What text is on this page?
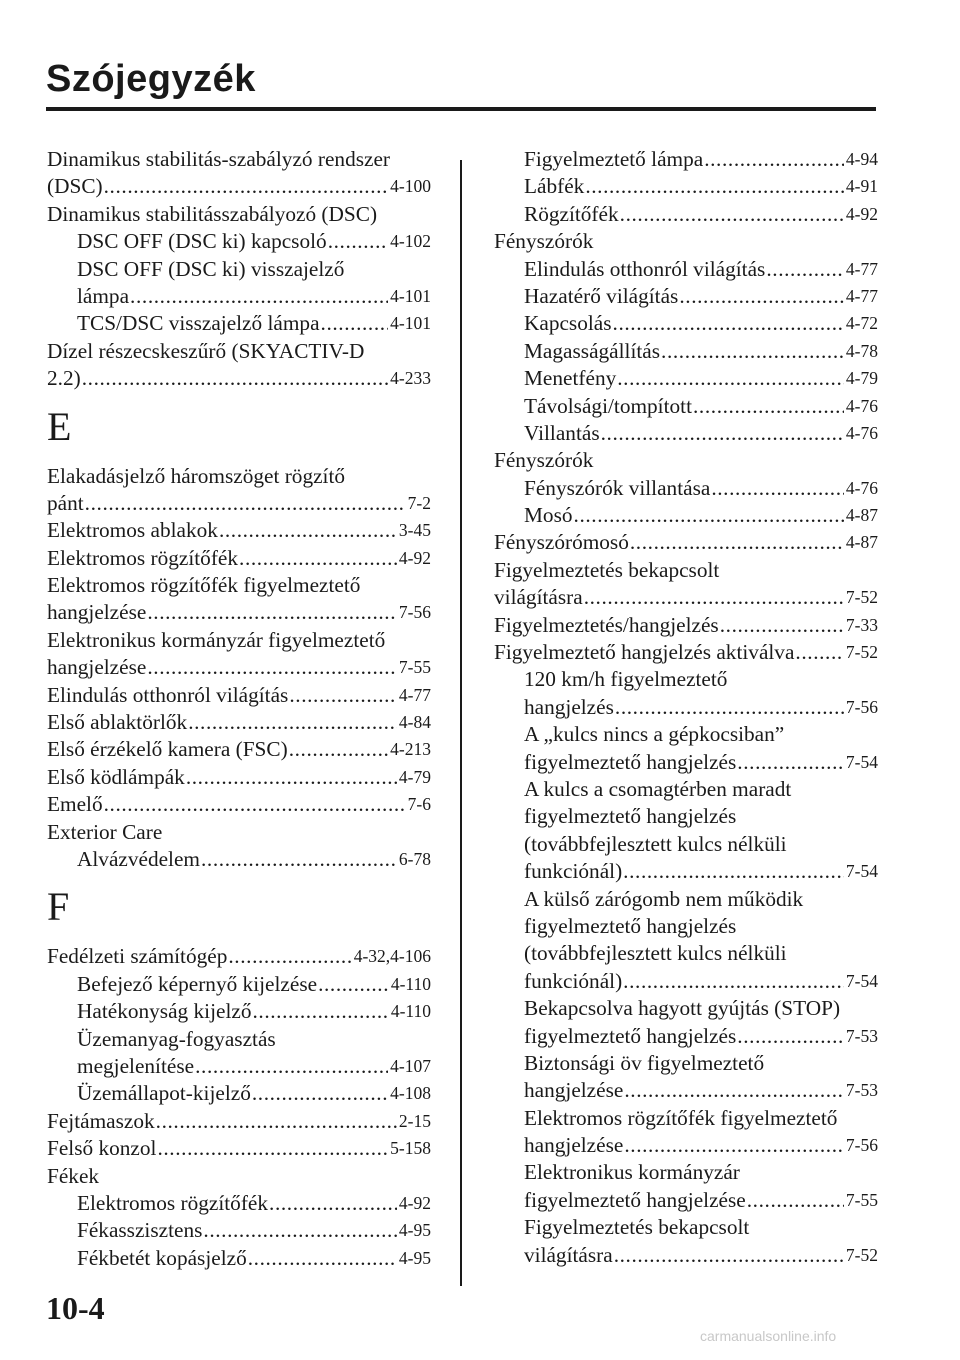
Szójegyzék
Dinamikus stabilitás-szabályzó rendszer
(DSC) .....	4-100
Dinamikus stabilitásszabályozó (DSC)
DSC OFF (DSC ki) kapcsoló .....	4-102
DSC OFF (DSC ki) visszajelző
lámpa .....	4-101
TCS/DSC visszajelző lámpa .....	4-101
Dízel részecskeszűrő (SKYACTIV-D
2.2) .....	4-233
E
Elakadásjelző háromszöget rögzítő
pánt .....	7-2
Elektromos ablakok .....	3-45
Elektromos rögzítőfék .....	4-92
Elektromos rögzítőfék figyelmeztető
hangjelzése .....	7-56
Elektronikus kormányzár figyelmeztető
hangjelzése .....	7-55
Elindulás otthonról világítás .....	4-77
Első ablaktörlők .....	4-84
Első érzékelő kamera (FSC) .....	4-213
Első ködlámpák .....	4-79
Emelő .....	7-6
Exterior Care
Alvázvédelem .....	6-78
F
Fedélzeti számítógép .....	4-32,4-106
Befejező képernyő kijelzése .....	4-110
Hatékonyság kijelző .....	4-110
Üzemanyag-fogyasztás
megjelenítése .....	4-107
Üzemállapot-kijelző .....	4-108
Fejtámaszok .....	2-15
Felső konzol .....	5-158
Fékek
Elektromos rögzítőfék .....	4-92
Fékasszisztens .....	4-95
Fékbetét kopásjelző .....	4-95
Figyelmeztető lámpa .....	4-94
Lábfék .....	4-91
Rögzítőfék .....	4-92
Fényszórók
Elindulás otthonról világítás .....	4-77
Hazatérő világítás .....	4-77
Kapcsolás .....	4-72
Magasságállítás .....	4-78
Menetfény .....	4-79
Távolsági/tompított .....	4-76
Villantás .....	4-76
Fényszórók
Fényszórók villantása .....	4-76
Mosó .....	4-87
Fényszórómosó .....	4-87
Figyelmeztetés bekapcsolt
világításra .....	7-52
Figyelmeztetés/hangjelzés .....	7-33
Figyelmeztető hangjelzés aktiválva .....	7-52
120 km/h figyelmeztető
hangjelzés .....	7-56
A „kulcs nincs a gépkocsiban”
figyelmeztető hangjelzés .....	7-54
A kulcs a csomagtérben maradt
figyelmeztető hangjelzés
(továbbfejlesztett kulcs nélküli
funkciónál) .....	7-54
A külső zárógomb nem működik
figyelmeztető hangjelzés
(továbbfejlesztett kulcs nélküli
funkciónál) .....	7-54
Bekapcsolva hagyott gyújtás (STOP)
figyelmeztető hangjelzés .....	7-53
Biztonsági öv figyelmeztető
hangjelzése .....	7-53
Elektromos rögzítőfék figyelmeztető
hangjelzése .....	7-56
Elektronikus kormányzár
figyelmeztető hangjelzése .....	7-55
Figyelmeztetés bekapcsolt
világításra .....	7-52
10-4
carmanualsonline.info
